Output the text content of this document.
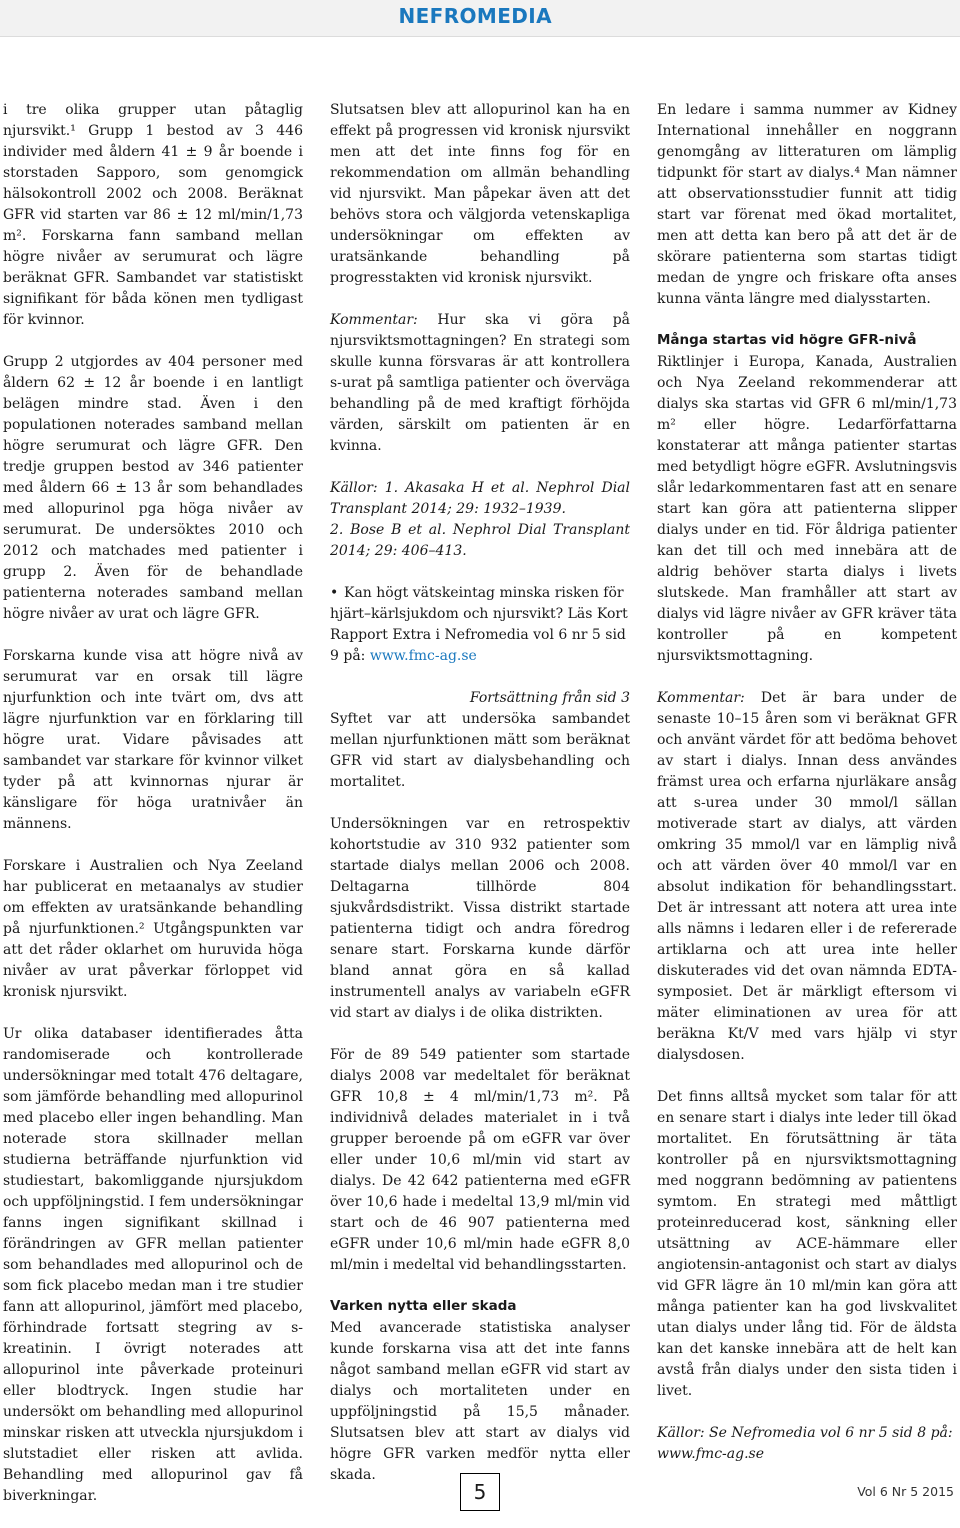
NEFROMEDIA

i tre olika grupper utan påtaglig njursvikt.¹ Grupp 1 bestod av 3 446 individer med åldern 41 ± 9 år boende i storstaden Sapporo, som genomgick hälsokontroll 2002 och 2008. Beräknat GFR vid starten var 86 ± 12 ml/min/1,73 m². Forskarna fann samband mellan högre nivåer av serumurat och lägre beräknat GFR. Sambandet var statistiskt signifikant för båda könen men tydligast för kvinnor.

Grupp 2 utgjordes av 404 personer med åldern 62 ± 12 år boende i en lantligt belägen mindre stad. Även i den populationen noterades samband mellan högre serumurat och lägre GFR. Den tredje gruppen bestod av 346 patienter med åldern 66 ± 13 år som behandlades med allopurinol pga höga nivåer av serumurat. De undersöktes 2010 och 2012 och matchades med patienter i grupp 2. Även för de behandlade patienterna noterades samband mellan högre nivåer av urat och lägre GFR.

Forskarna kunde visa att högre nivå av serumurat var en orsak till lägre njurfunktion och inte tvärt om, dvs att lägre njurfunktion var en förklaring till högre urat. Vidare påvisades att sambandet var starkare för kvinnor vilket tyder på att kvinnornas njurar är känsligare för höga uratnivåer än männens.

Forskare i Australien och Nya Zeeland har publicerat en metaanalys av studier om effekten av uratsänkande behandling på njurfunktionen.² Utgångspunkten var att det råder oklarhet om huruvida höga nivåer av urat påverkar förloppet vid kronisk njursvikt.

Ur olika databaser identifierades åtta randomiserade och kontrollerade undersökningar med totalt 476 deltagare, som jämförde behandling med allopurinol med placebo eller ingen behandling. Man noterade stora skillnader mellan studierna beträffande njurfunktion vid studiestart, bakomliggande njursjukdom och uppföljningstid. I fem undersökningar fanns ingen signifikant skillnad i förändringen av GFR mellan patienter som behandlades med allopurinol och de som fick placebo medan man i tre studier fann att allopurinol, jämfört med placebo, förhindrade fortsatt stegring av s-kreatinin. I övrigt noterades att allopurinol inte påverkade proteinuri eller blodtryck. Ingen studie har undersökt om behandling med allopurinol minskar risken att utveckla njursjukdom i slutstadiet eller risken att avlida. Behandling med allopurinol gav få biverkningar.

Slutsatsen blev att allopurinol kan ha en effekt på progressen vid kronisk njursvikt men att det inte finns fog för en rekommendation om allmän behandling vid njursvikt. Man påpekar även att det behövs stora och välgjorda vetenskapliga undersökningar om effekten av uratsänkande behandling på progresstakten vid kronisk njursvikt.

Kommentar: Hur ska vi göra på njursviktsmottagningen? En strategi som skulle kunna försvaras är att kontrollera s-urat på samtliga patienter och överväga behandling på de med kraftigt förhöjda värden, särskilt om patienten är en kvinna.

Källor: 1. Akasaka H et al. Nephrol Dial Transplant 2014; 29: 1932–1939.

2. Bose B et al. Nephrol Dial Transplant 2014; 29: 406–413.

• Kan högt vätskeintag minska risken för hjärt–kärlsjukdom och njursvikt? Läs Kort Rapport Extra i Nefromedia vol 6 nr 5 sid 9 på: www.fmc-ag.se

Fortsättning från sid 3

Syftet var att undersöka sambandet mellan njurfunktionen mätt som beräknat GFR vid start av dialysbehandling och mortalitet.

Undersökningen var en retrospektiv kohortstudie av 310 932 patienter som startade dialys mellan 2006 och 2008. Deltagarna tillhörde 804 sjukvårdsdistrikt. Vissa distrikt startade patienterna tidigt och andra föredrog senare start. Forskarna kunde därför bland annat göra en så kallad instrumentell analys av variabeln eGFR vid start av dialys i de olika distrikten.

För de 89 549 patienter som startade dialys 2008 var medeltalet för beräknat GFR 10,8 ± 4 ml/min/1,73 m². På individnivå delades materialet in i två grupper beroende på om eGFR var över eller under 10,6 ml/min vid start av dialys. De 42 642 patienterna med eGFR över 10,6 hade i medeltal 13,9 ml/min vid start och de 46 907 patienterna med eGFR under 10,6 ml/min hade eGFR 8,0 ml/min i medeltal vid behandlingsstarten.

Varken nytta eller skada

Med avancerade statistiska analyser kunde forskarna visa att det inte fanns något samband mellan eGFR vid start av dialys och mortaliteten under en uppföljningstid på 15,5 månader. Slutsatsen blev att start av dialys vid högre GFR varken medför nytta eller skada.

En ledare i samma nummer av Kidney International innehåller en noggrann genomgång av litteraturen om lämplig tidpunkt för start av dialys.⁴ Man nämner att observationsstudier funnit att tidig start var förenat med ökad mortalitet, men att detta kan bero på att det är de skörare patienterna som startas tidigt medan de yngre och friskare ofta anses kunna vänta längre med dialysstarten.

Många startas vid högre GFR-nivå

Riktlinjer i Europa, Kanada, Australien och Nya Zeeland rekommenderar att dialys ska startas vid GFR 6 ml/min/1,73 m² eller högre. Ledarförfattarna konstaterar att många patienter startas med betydligt högre eGFR. Avslutningsvis slår ledarkommentaren fast att en senare start kan göra att patienterna slipper dialys under en tid. För åldriga patienter kan det till och med innebära att de aldrig behöver starta dialys i livets slutskede. Man framhåller att start av dialys vid lägre nivåer av GFR kräver täta kontroller på en kompetent njursviktsmottagning.

Kommentar: Det är bara under de senaste 10–15 åren som vi beräknat GFR och använt värdet för att bedöma behovet av start i dialys. Innan dess användes främst urea och erfarna njurläkare ansåg att s-urea under 30 mmol/l sällan motiverade start av dialys, att värden omkring 35 mmol/l var en lämplig nivå och att värden över 40 mmol/l var en absolut indikation för behandlingsstart. Det är intressant att notera att urea inte alls nämns i ledaren eller i de refererade artiklarna och att urea inte heller diskuterades vid det ovan nämnda EDTA-symposiet. Det är märkligt eftersom vi mäter eliminationen av urea för att beräkna Kt/V med vars hjälp vi styr dialysdosen.

Det finns alltså mycket som talar för att en senare start i dialys inte leder till ökad mortalitet. En förutsättning är täta kontroller på en njursviktsmottagning med noggrann bedömning av patientens symtom. En strategi med måttligt proteinreducerad kost, sänkning eller utsättning av ACE-hämmare eller angiotensin-antagonist och start av dialys vid GFR lägre än 10 ml/min kan göra att många patienter kan ha god livskvalitet utan dialys under lång tid. För de äldsta kan det kanske innebära att de helt kan avstå från dialys under den sista tiden i livet.

Källor: Se Nefromedia vol 6 nr 5 sid 8 på: www.fmc-ag.se

5	Vol 6 Nr 5 2015
